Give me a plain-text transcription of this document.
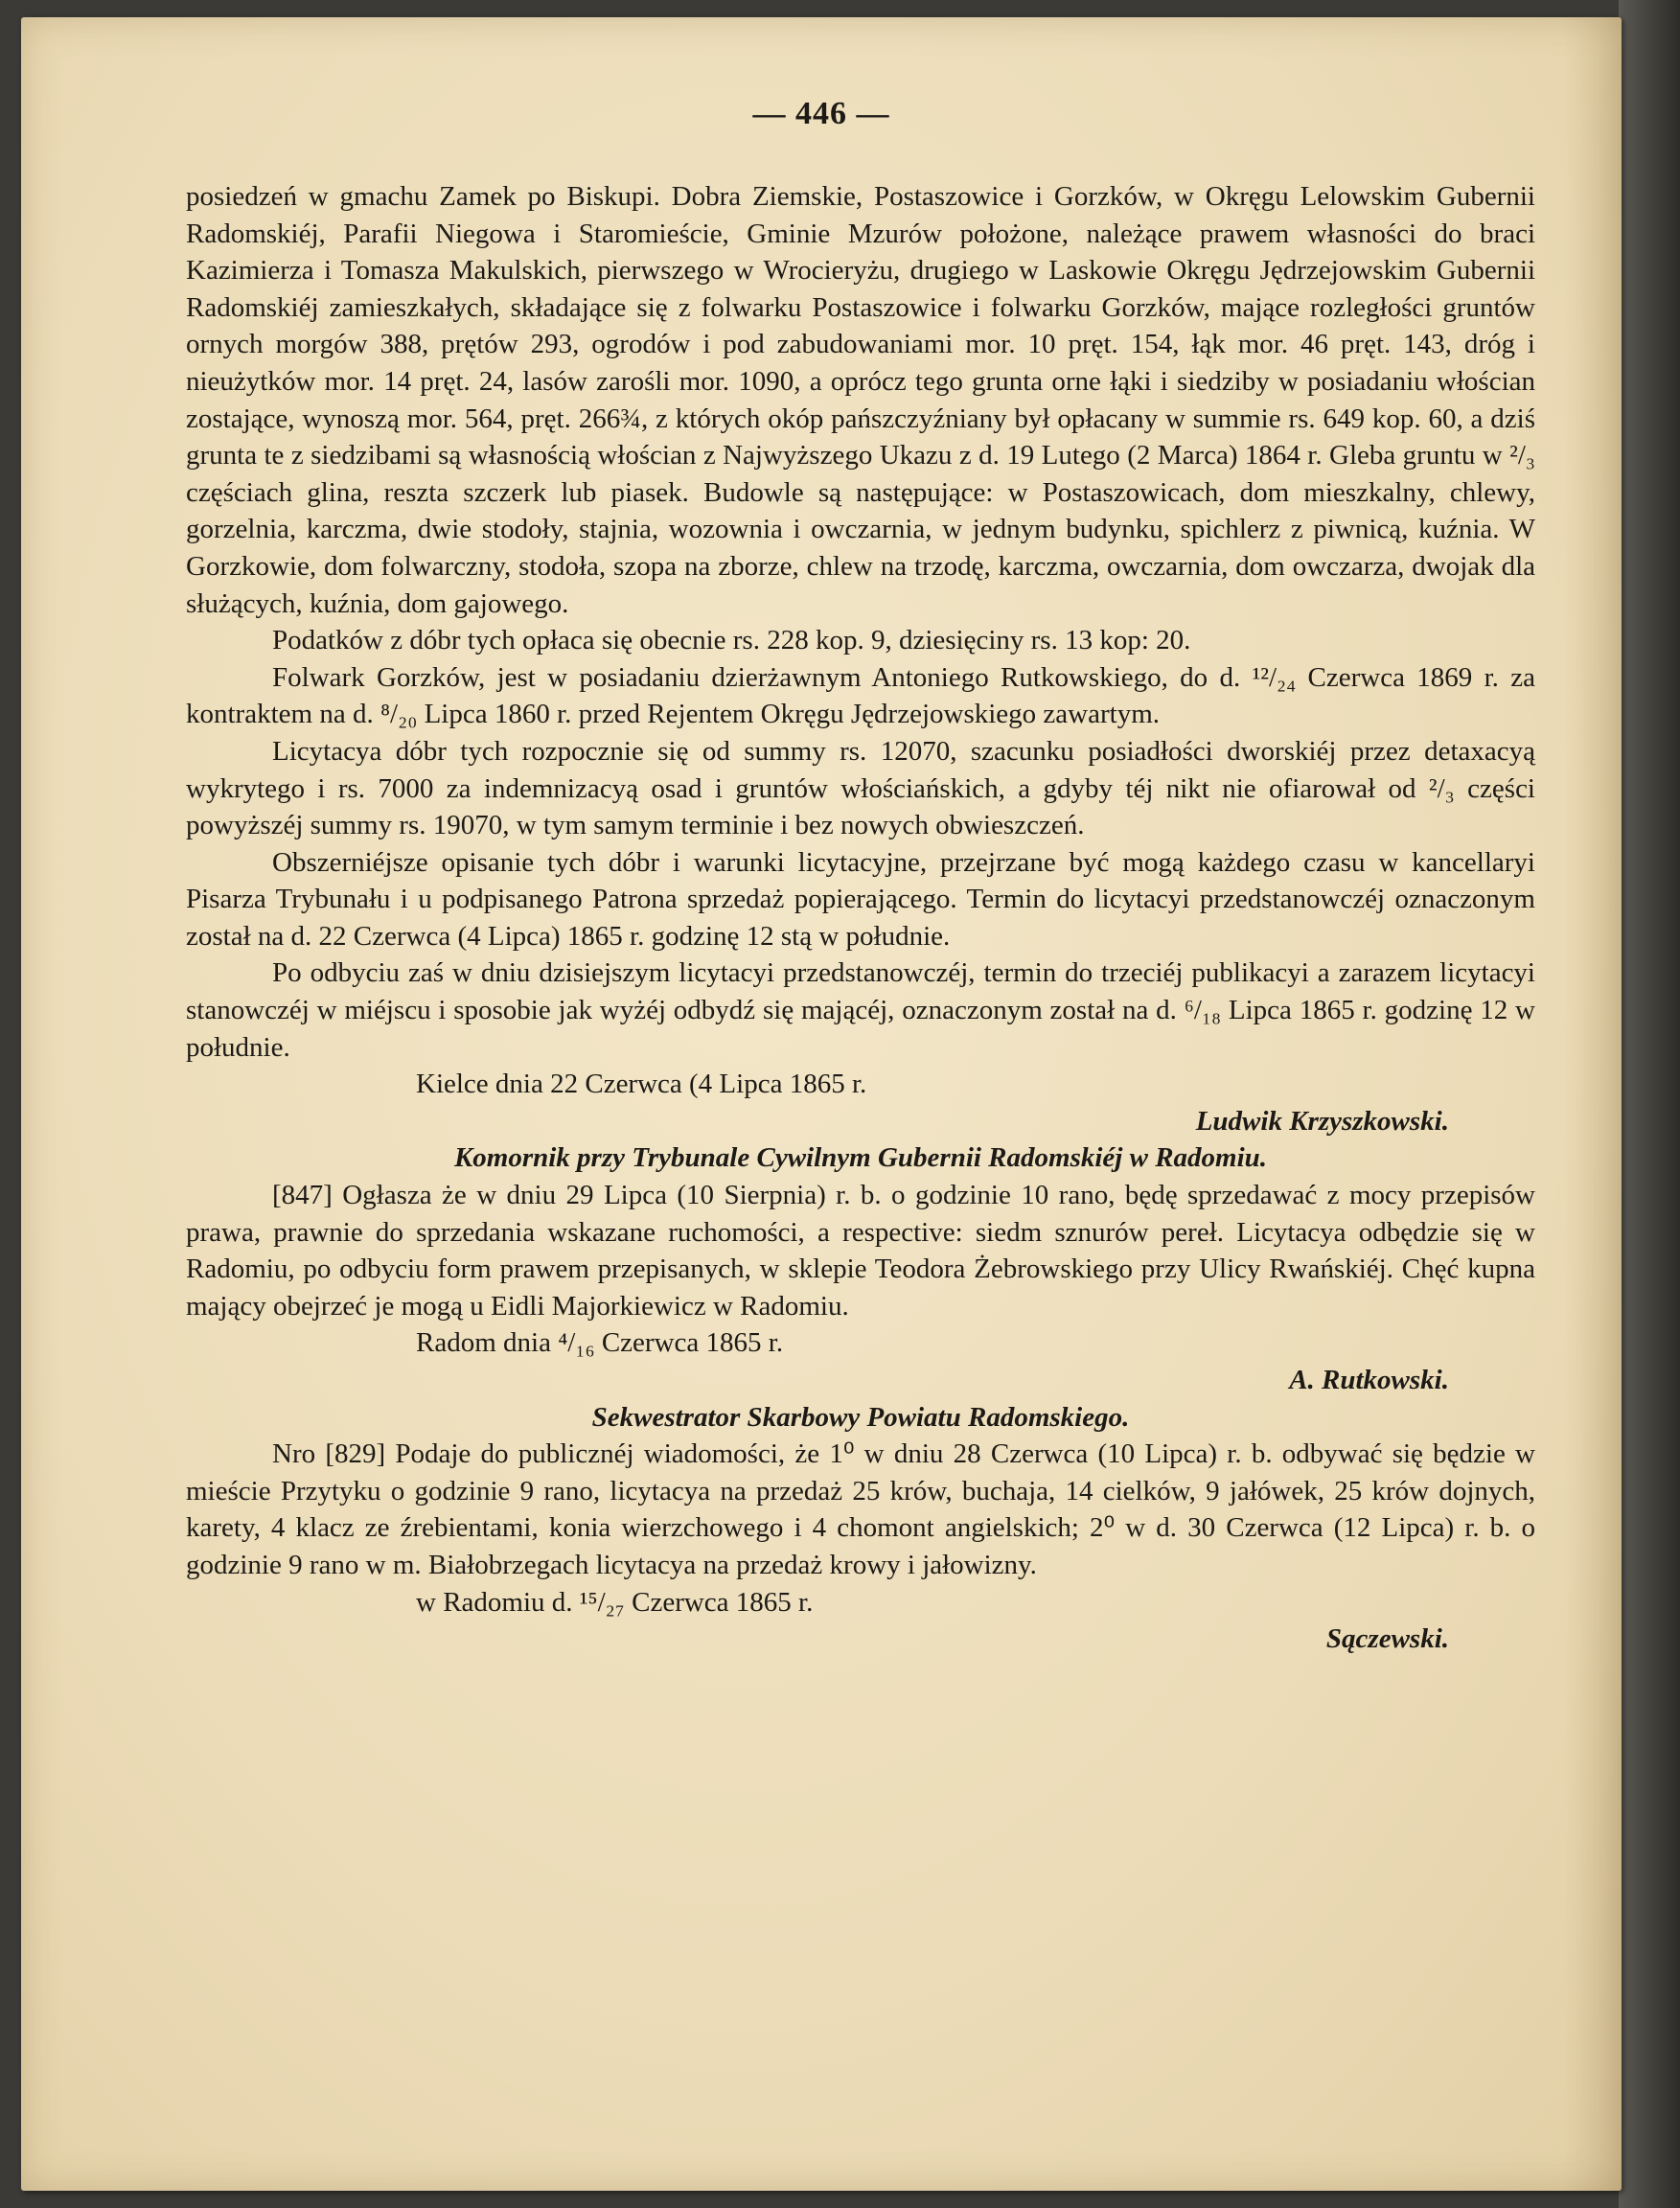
— 446 —

posiedzeń w gmachu Zamek po Biskupi. Dobra Ziemskie, Postaszowice i Gorzków, w Okręgu Lelowskim Gubernii Radomskiéj, Parafii Niegowa i Staromieście, Gminie Mzurów położone, należące prawem własności do braci Kazimierza i Tomasza Makulskich, pierwszego w Wrocieryżu, drugiego w Laskowie Okręgu Jędrzejowskim Gubernii Radomskiéj zamieszkałych, składające się z folwarku Postaszowice i folwarku Gorzków, mające rozległości gruntów ornych morgów 388, prętów 293, ogrodów i pod zabudowaniami mor. 10 pręt. 154, łąk mor. 46 pręt. 143, dróg i nieużytków mor. 14 pręt. 24, lasów zarośli mor. 1090, a oprócz tego grunta orne łąki i siedziby w posiadaniu włościan zostające, wynoszą mor. 564, pręt. 266¾, z których okóp pańszczyźniany był opłacany w summie rs. 649 kop. 60, a dziś grunta te z siedzibami są własnością włościan z Najwyższego Ukazu z d. 19 Lutego (2 Marca) 1864 r. Gleba gruntu w ²/₃ częściach glina, reszta szczerk lub piasek. Budowle są następujące: w Postaszowicach, dom mieszkalny, chlewy, gorzelnia, karczma, dwie stodoły, stajnia, wozownia i owczarnia, w jednym budynku, spichlerz z piwnicą, kuźnia. W Gorzkowie, dom folwarczny, stodoła, szopa na zborze, chlew na trzodę, karczma, owczarnia, dom owczarza, dwojak dla służących, kuźnia, dom gajowego.

Podatków z dóbr tych opłaca się obecnie rs. 228 kop. 9, dziesięciny rs. 13 kop: 20.

Folwark Gorzków, jest w posiadaniu dzierżawnym Antoniego Rutkowskiego, do d. ¹²/₂₄ Czerwca 1869 r. za kontraktem na d. ⁸/₂₀ Lipca 1860 r. przed Rejentem Okręgu Jędrzejowskiego zawartym.

Licytacya dóbr tych rozpocznie się od summy rs. 12070, szacunku posiadłości dworskiéj przez detaxacyą wykrytego i rs. 7000 za indemnizacyą osad i gruntów włościańskich, a gdyby téj nikt nie ofiarował od ²/₃ części powyższéj summy rs. 19070, w tym samym terminie i bez nowych obwieszczeń.

Obszerniéjsze opisanie tych dóbr i warunki licytacyjne, przejrzane być mogą każdego czasu w kancellaryi Pisarza Trybunału i u podpisanego Patrona sprzedaż popierającego. Termin do licytacyi przedstanowczéj oznaczonym został na d. 22 Czerwca (4 Lipca) 1865 r. godzinę 12 stą w południe.

Po odbyciu zaś w dniu dzisiejszym licytacyi przedstanowczéj, termin do trzeciéj publikacyi a zarazem licytacyi stanowczéj w miéjscu i sposobie jak wyżéj odbydź się mającéj, oznaczonym został na d. ⁶/₁₈ Lipca 1865 r. godzinę 12 w południe.

Kielce dnia 22 Czerwca (4 Lipca 1865 r.

Ludwik Krzyszkowski.

Komornik przy Trybunale Cywilnym Gubernii Radomskiéj w Radomiu.

[847] Ogłasza że w dniu 29 Lipca (10 Sierpnia) r. b. o godzinie 10 rano, będę sprzedawać z mocy przepisów prawa, prawnie do sprzedania wskazane ruchomości, a respective: siedm sznurów pereł. Licytacya odbędzie się w Radomiu, po odbyciu form prawem przepisanych, w sklepie Teodora Żebrowskiego przy Ulicy Rwańskiéj. Chęć kupna mający obejrzeć je mogą u Eidli Majorkiewicz w Radomiu.

Radom dnia ⁴/₁₆ Czerwca 1865 r.

A. Rutkowski.

Sekwestrator Skarbowy Powiatu Radomskiego.

Nro [829] Podaje do publicznéj wiadomości, że 1⁰ w dniu 28 Czerwca (10 Lipca) r. b. odbywać się będzie w mieście Przytyku o godzinie 9 rano, licytacya na przedaż 25 krów, buchaja, 14 cielków, 9 jałówek, 25 krów dojnych, karety, 4 klacz ze źrebientami, konia wierzchowego i 4 chomont angielskich; 2⁰ w d. 30 Czerwca (12 Lipca) r. b. o godzinie 9 rano w m. Białobrzegach licytacya na przedaż krowy i jałowizny.

w Radomiu d. ¹⁵/₂₇ Czerwca 1865 r.

Sączewski.
